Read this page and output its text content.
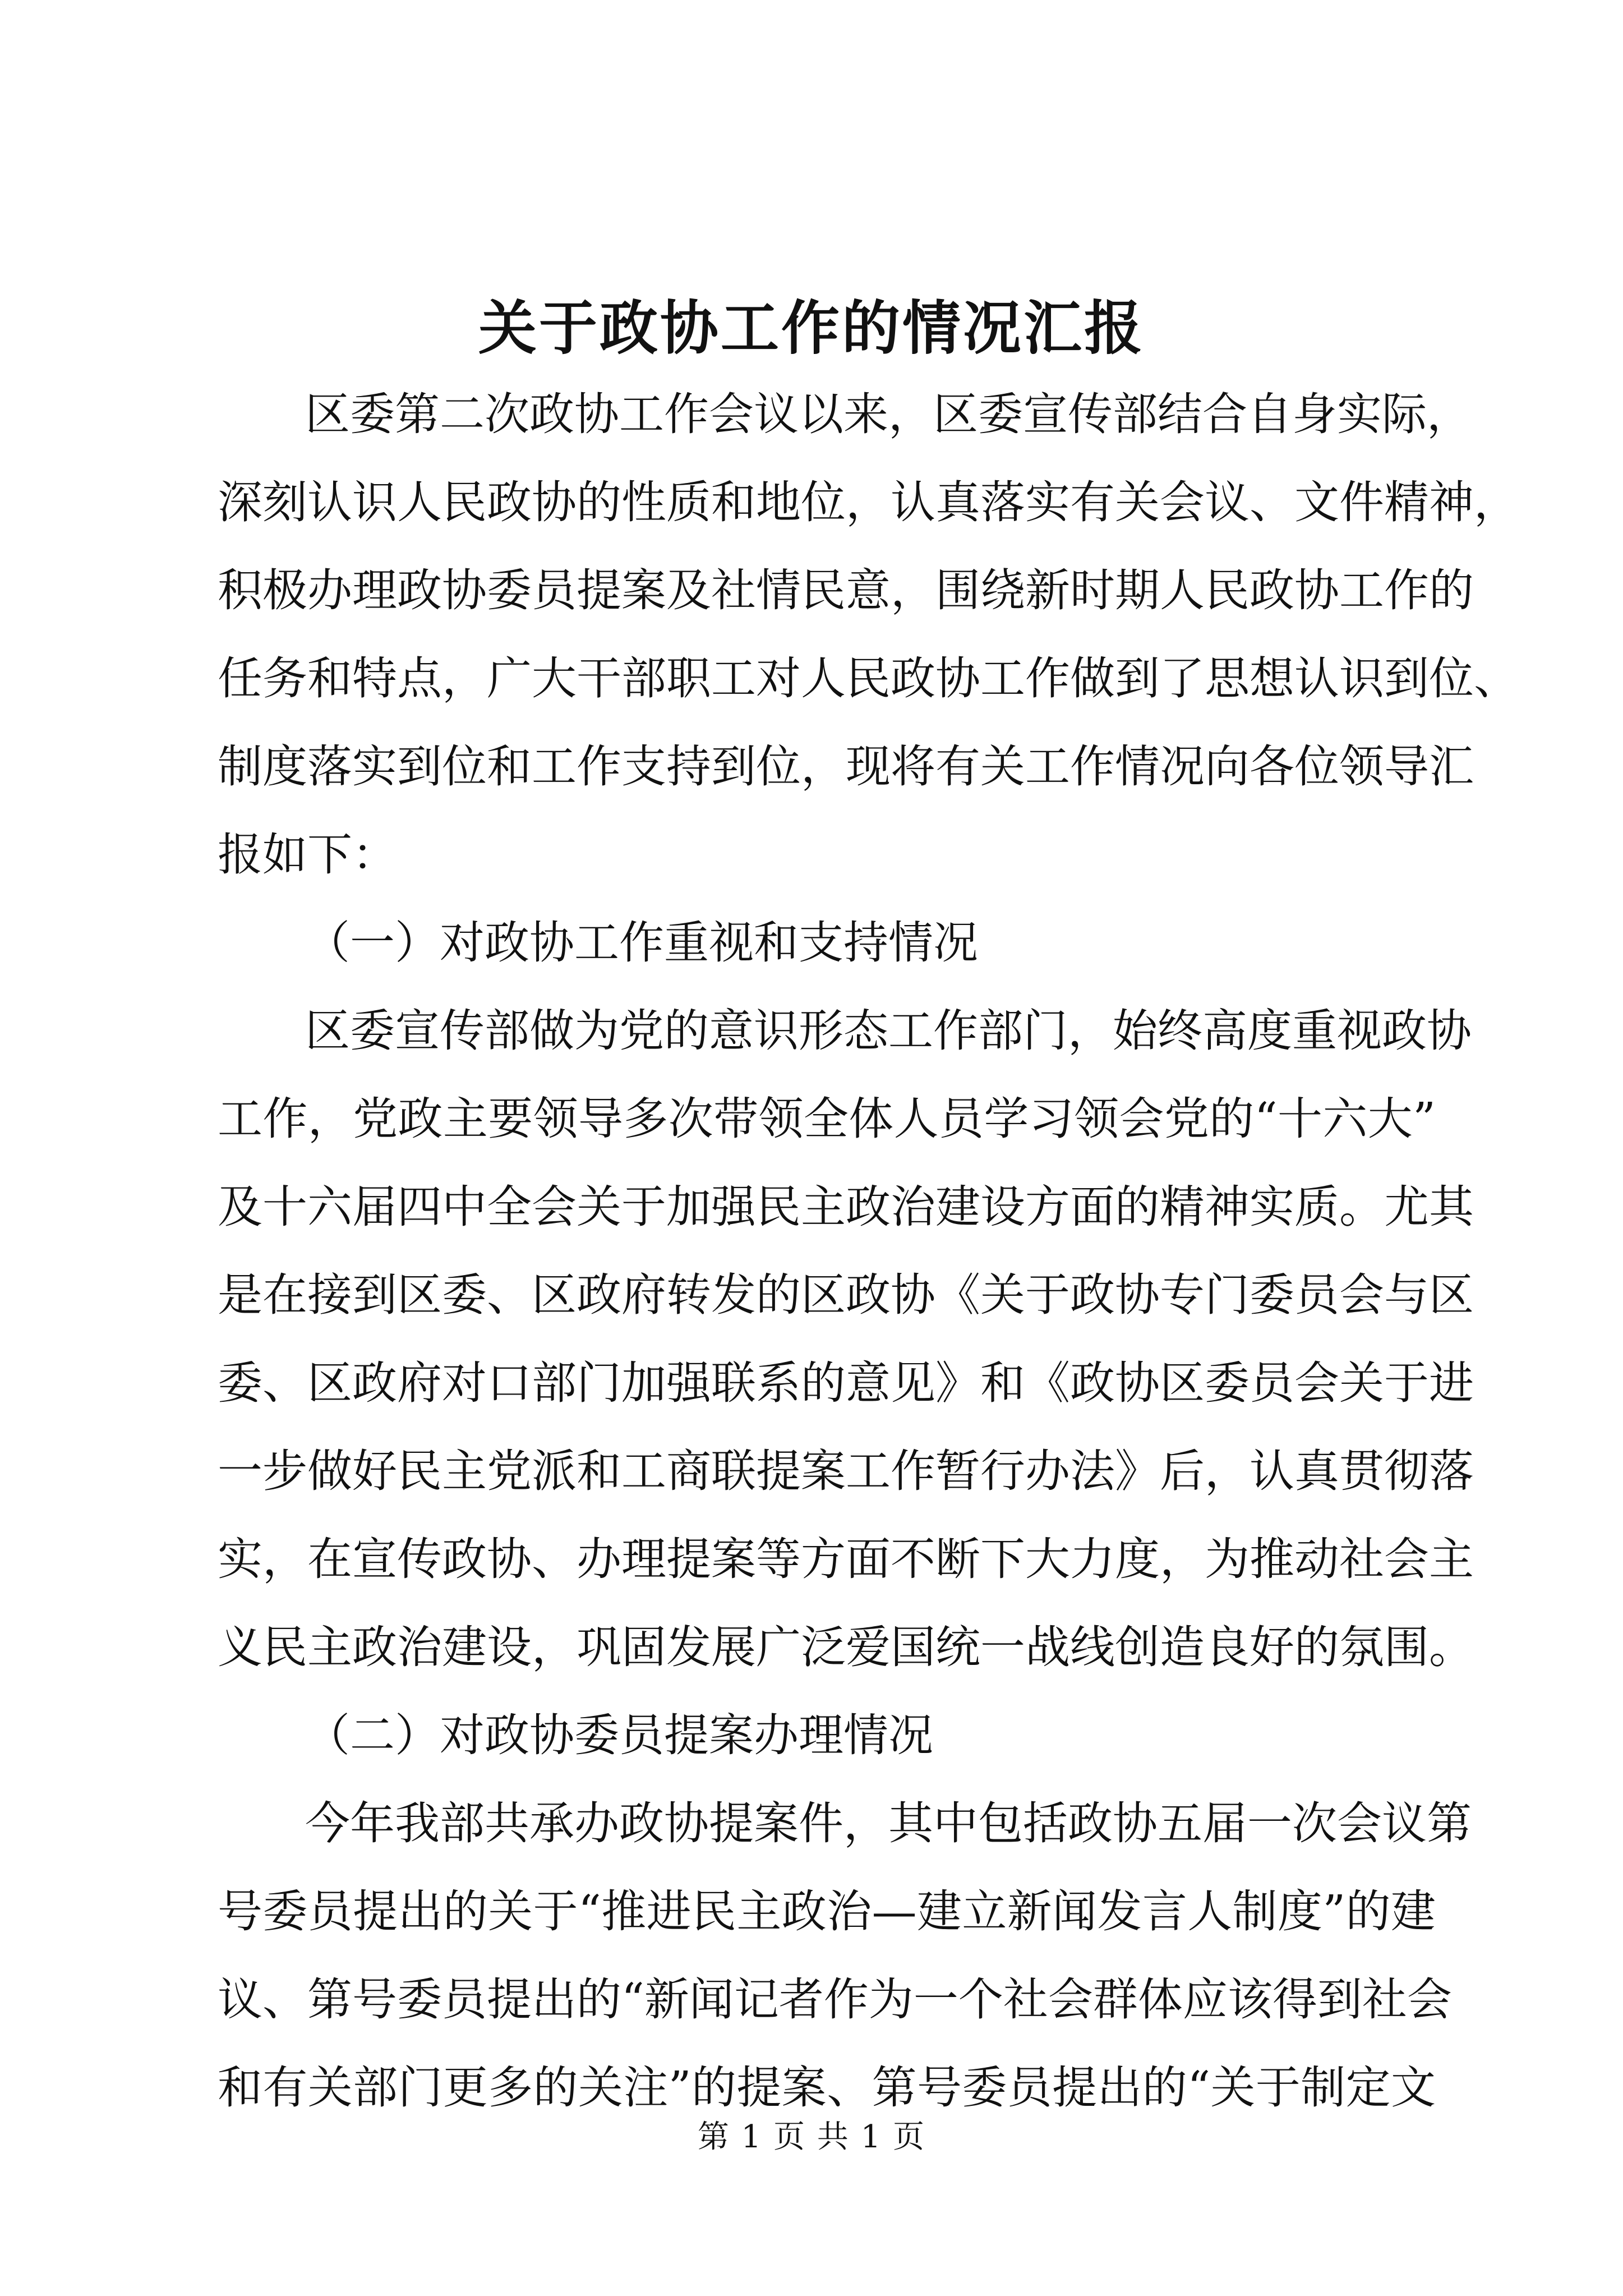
关于政协工作的情况汇报
区委第二次政协工作会议以来，区委宣传部结合自身实际，
深刻认识人民政协的性质和地位，认真落实有关会议、文件精神，
积极办理政协委员提案及社情民意，围绕新时期人民政协工作的
任务和特点，广大干部职工对人民政协工作做到了思想认识到位、
制度落实到位和工作支持到位，现将有关工作情况向各位领导汇
报如下：
（一）对政协工作重视和支持情况
区委宣传部做为党的意识形态工作部门，始终高度重视政协
工作，党政主要领导多次带领全体人员学习领会党的“十六大”
及十六届四中全会关于加强民主政治建设方面的精神实质。尤其
是在接到区委、区政府转发的区政协《关于政协专门委员会与区
委、区政府对口部门加强联系的意见》和《政协区委员会关于进
一步做好民主党派和工商联提案工作暂行办法》后，认真贯彻落
实，在宣传政协、办理提案等方面不断下大力度，为推动社会主
义民主政治建设，巩固发展广泛爱国统一战线创造良好的氛围。
（二）对政协委员提案办理情况
今年我部共承办政协提案件，其中包括政协五届一次会议第
号委员提出的关于“推进民主政治—建立新闻发言人制度”的建
议、第号委员提出的“新闻记者作为一个社会群体应该得到社会
和有关部门更多的关注”的提案、第号委员提出的“关于制定文
第 1 页 共 1 页
